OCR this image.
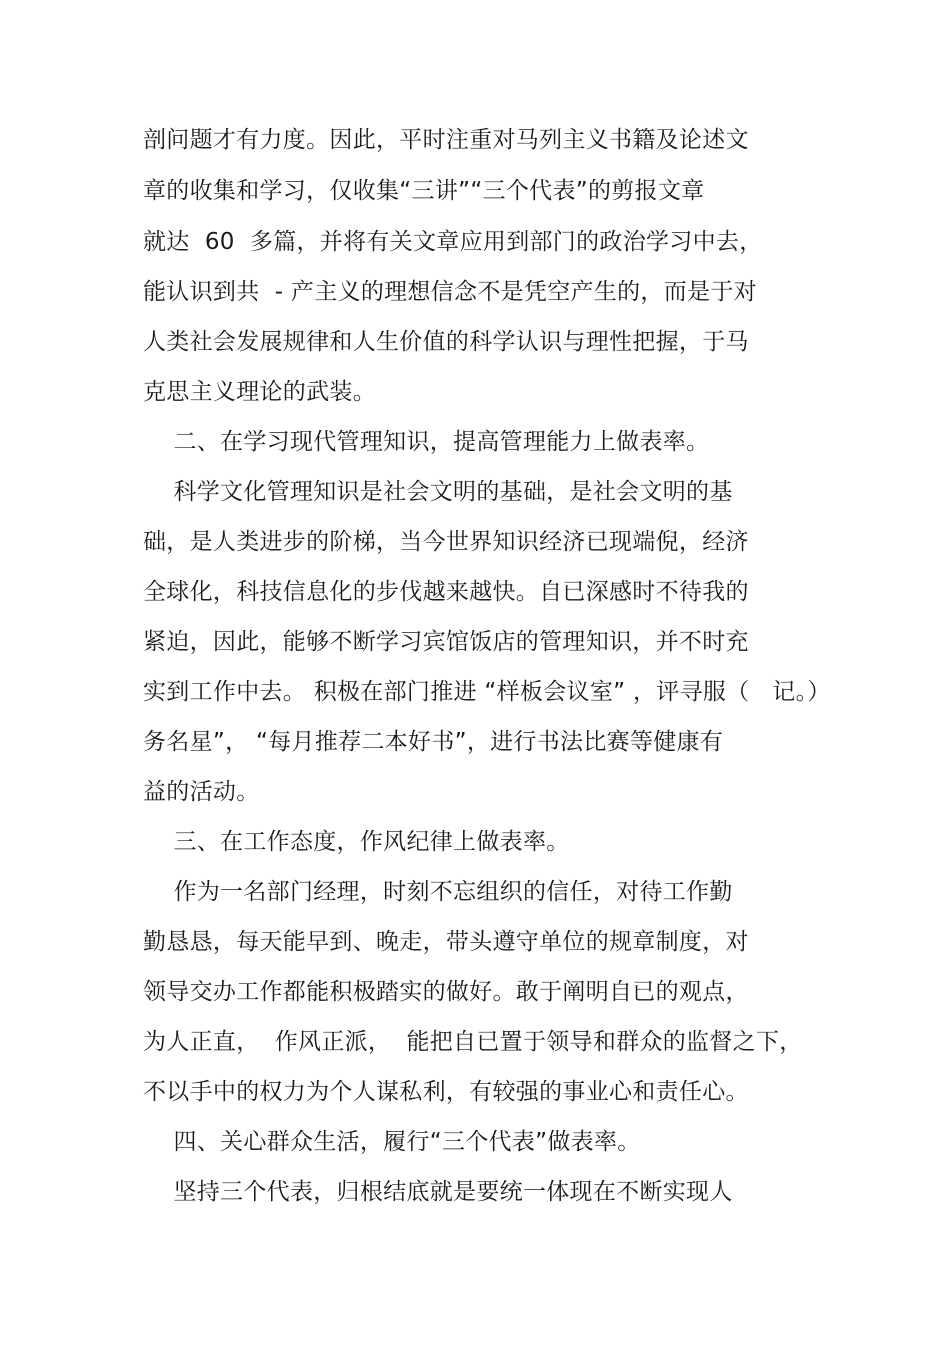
剖问题才有力度。因此，平时注重对马列主义书籍及论述文
章的收集和学习，仅收集“三讲”“三个代表”的剪报文章
就达  60  多篇，并将有关文章应用到部门的政治学习中去，
能认识到共  - 产主义的理想信念不是凭空产生的，而是于对
人类社会发展规律和人生价值的科学认识与理性把握，于马
克思主义理论的武装。
二、在学习现代管理知识，提高管理能力上做表率。
科学文化管理知识是社会文明的基础，是社会文明的基
础，是人类进步的阶梯，当今世界知识经济已现端倪，经济
全球化，科技信息化的步伐越来越快。自已深感时不待我的
紧迫，因此，能够不断学习宾馆饭店的管理知识，并不时充
实到工作中去。 积极在部门推进 “样板会议室” ，评寻服（   记。）
务名星”， “每月推荐二本好书”，进行书法比赛等健康有
益的活动。
三、在工作态度，作风纪律上做表率。
作为一名部门经理，时刻不忘组织的信任，对待工作勤
勤恳恳，每天能早到、晚走，带头遵守单位的规章制度，对
领导交办工作都能积极踏实的做好。敢于阐明自已的观点，
为人正直，  作风正派，  能把自已置于领导和群众的监督之下，
不以手中的权力为个人谋私利，有较强的事业心和责任心。
四、关心群众生活，履行“三个代表”做表率。
坚持三个代表，归根结底就是要统一体现在不断实现人
